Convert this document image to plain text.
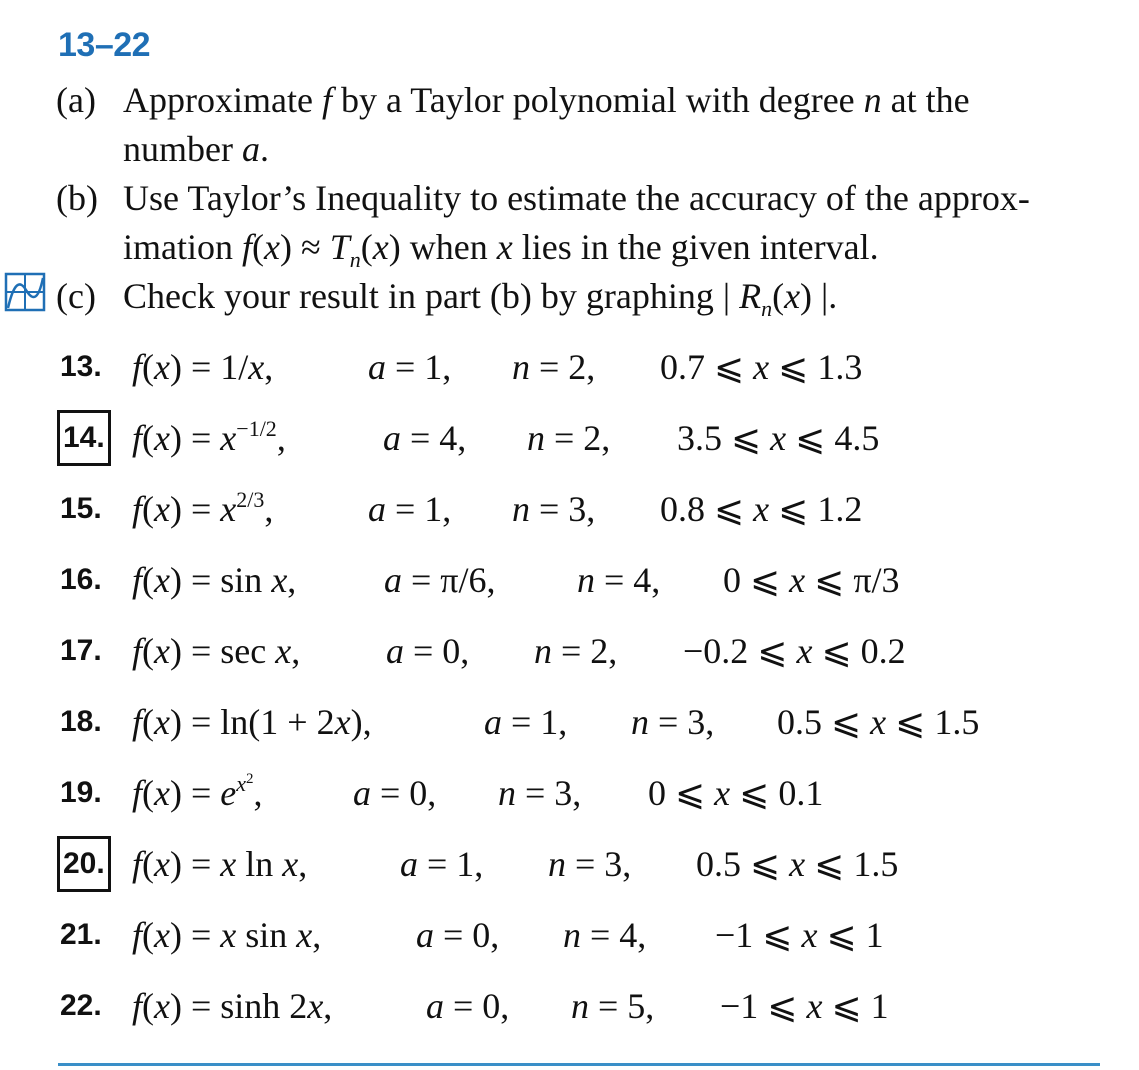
13–22
(a) Approximate f by a Taylor polynomial with degree n at the
number a.
(b) Use Taylor’s Inequality to estimate the accuracy of the approx-
imation $f(x) \approx T_n(x)$ when x lies in the given interval.
(c) Check your result in part (b) by graphing | $R_n(x)$ |.
13. f(x) = 1/x,	a = 1, n = 2, 0.7 ⩽ x ⩽ 1.3
14. $f(x) = x^{-1/2}$,	a = 4, n = 2, 3.5 ⩽ x ⩽ 4.5
15. $f(x) = x^{2/3}$,	a = 1, n = 3, 0.8 ⩽ x ⩽ 1.2
16. f(x) = sin x, a = π/6, n = 4, 0 ⩽ x ⩽ π/3
17. f(x) = sec x, a = 0, n = 2, −0.2 ⩽ x ⩽ 0.2
18. f(x) = ln(1 + 2x),	a = 1, n = 3, 0.5 ⩽ x ⩽ 1.5
19. $f(x) = e^{x^2}$,	a = 0, n = 3, 0 ⩽ x ⩽ 0.1
20. f(x) = x ln x,	a = 1, n = 3, 0.5 ⩽ x ⩽ 1.5
21. f(x) = x sin x,	a = 0, n = 4, −1 ⩽ x ⩽ 1
22. f(x) = sinh 2x,	a = 0, n = 5, −1 ⩽ x ⩽ 1
